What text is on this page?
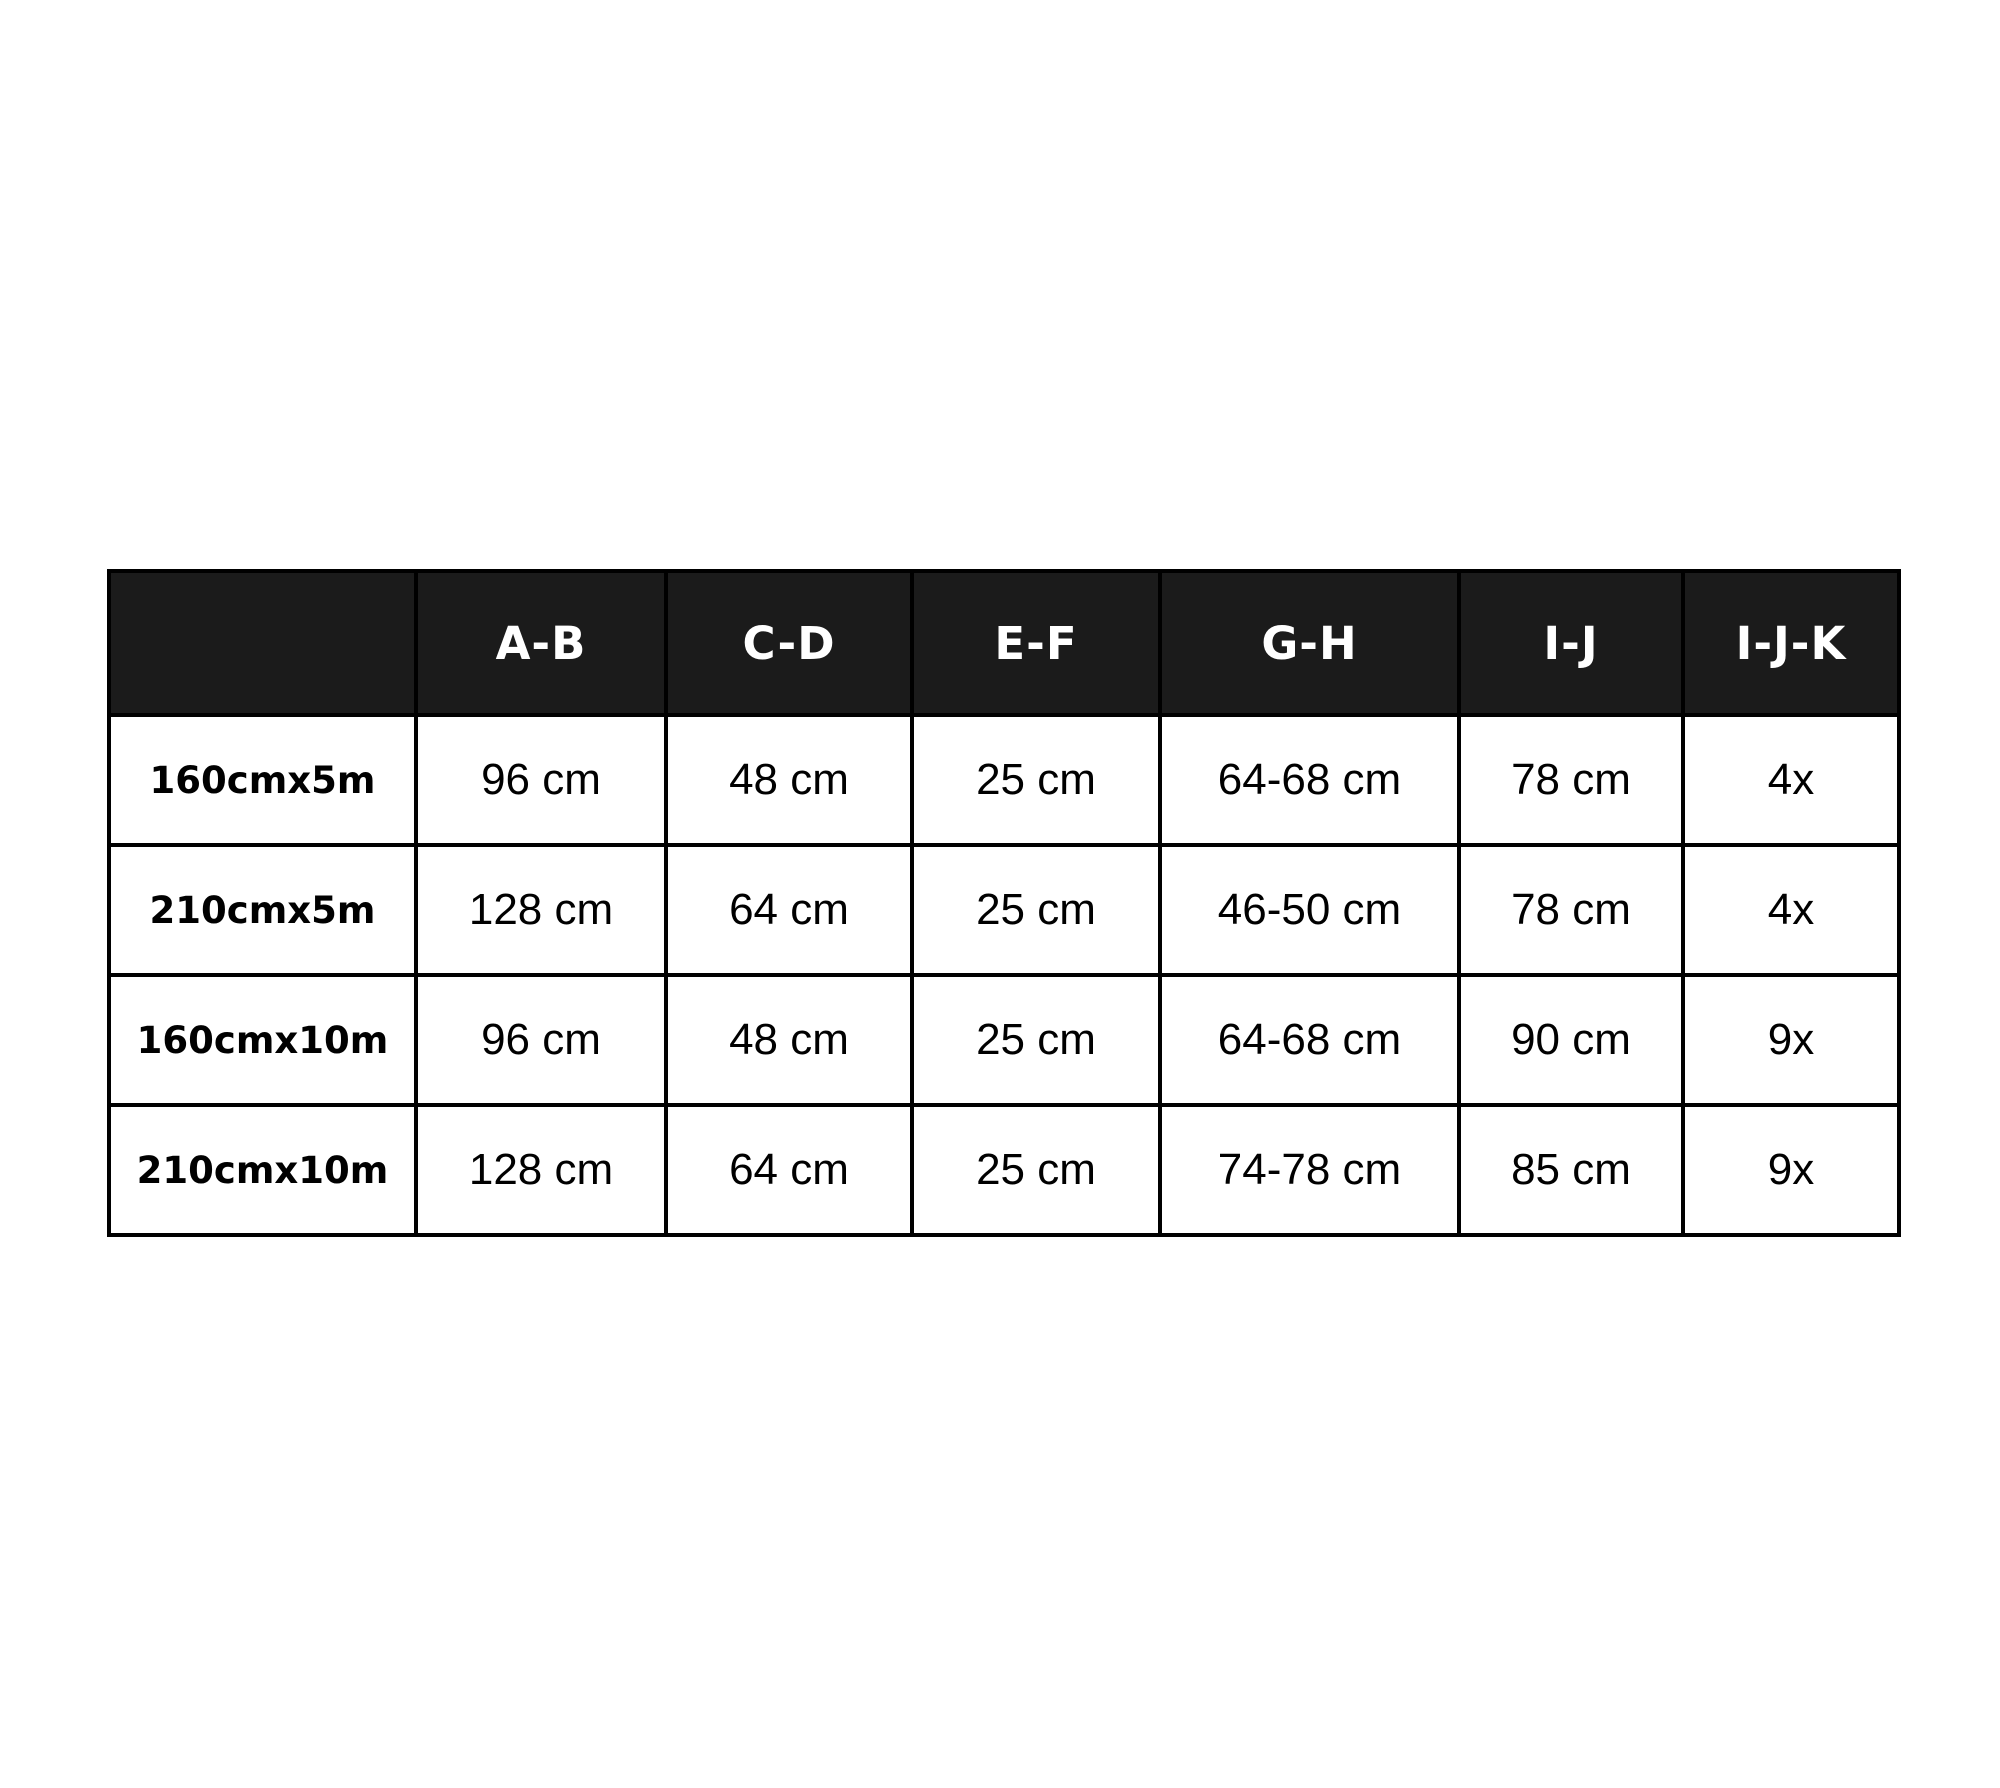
	A-B	C-D	E-F	G-H	I-J	I-J-K
160cmx5m	96 cm	48 cm	25 cm	64-68 cm	78 cm	4x
210cmx5m	128 cm	64 cm	25 cm	46-50 cm	78 cm	4x
160cmx10m	96 cm	48 cm	25 cm	64-68 cm	90 cm	9x
210cmx10m	128 cm	64 cm	25 cm	74-78 cm	85 cm	9x
